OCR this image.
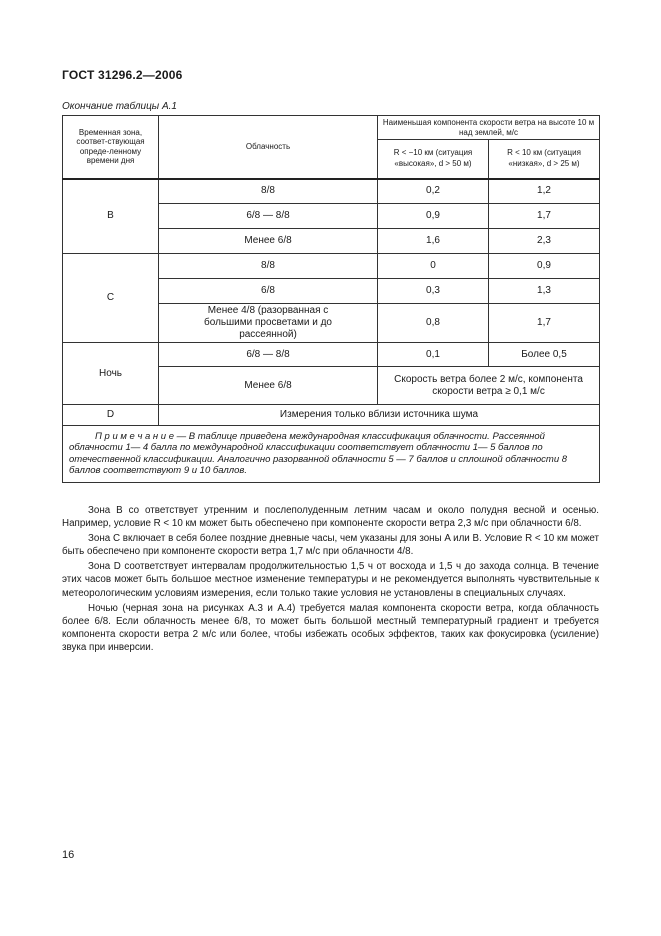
ГОСТ 31296.2—2006
Окончание таблицы А.1
Временная зона, соответ-ствующая опреде-ленному времени дня	Облачность	Наименьшая компонента скорости ветра на высоте 10 м над землей, м/с	
		R < −10 км (ситуация «высокая», d > 50 м)	R < 10 км (ситуация «низкая», d > 25 м)
B	8/8	0,2	1,2
	6/8 — 8/8	0,9	1,7
	Менее 6/8	1,6	2,3
C	8/8	0	0,9
	6/8	0,3	1,3
	Менее 4/8 (разорванная с большими просветами и до рассеянной)	0,8	1,7
Ночь	6/8 — 8/8	0,1	Более 0,5
	Менее 6/8	Скорость ветра более 2 м/с, компонента скорости ветра ≥ 0,1 м/с	
D	Измерения только вблизи источника шума		
П р и м е ч а н и е — В таблице приведена международная классификация облачности. Рассеянной облачности 1— 4 балла по международной классификации соответствует облачности 1— 5 баллов по отечественной классификации. Аналогично разорванной облачности 5 — 7 баллов и сплошной облачности 8 баллов соответствуют 9 и 10 баллов.			

Зона B со ответствует утренним и послеполуденным летним часам и около полудня весной и осенью. Например, условие R < 10 км может быть обеспечено при компоненте скорости ветра 2,3 м/с при облачности 6/8.

Зона C включает в себя более поздние дневные часы, чем указаны для зоны A или B. Условие R < 10 км может быть обеспечено при компоненте скорости ветра 1,7 м/с при облачности 4/8.

Зона D соответствует интервалам продолжительностью 1,5 ч от восхода и 1,5 ч до захода солнца. В течение этих часов может быть большое местное изменение температуры и не рекомендуется выполнять чувствительные к метеорологическим условиям измерения, если только такие условия не установлены в специальных случаях.

Ночью (черная зона на рисунках A.3 и A.4) требуется малая компонента скорости ветра, когда облачность более 6/8. Если облачность менее 6/8, то может быть большой местный температурный градиент и требуется компонента скорости ветра 2 м/с или более, чтобы избежать особых эффектов, таких как фокусировка (усиление) звука при инверсии.

16
